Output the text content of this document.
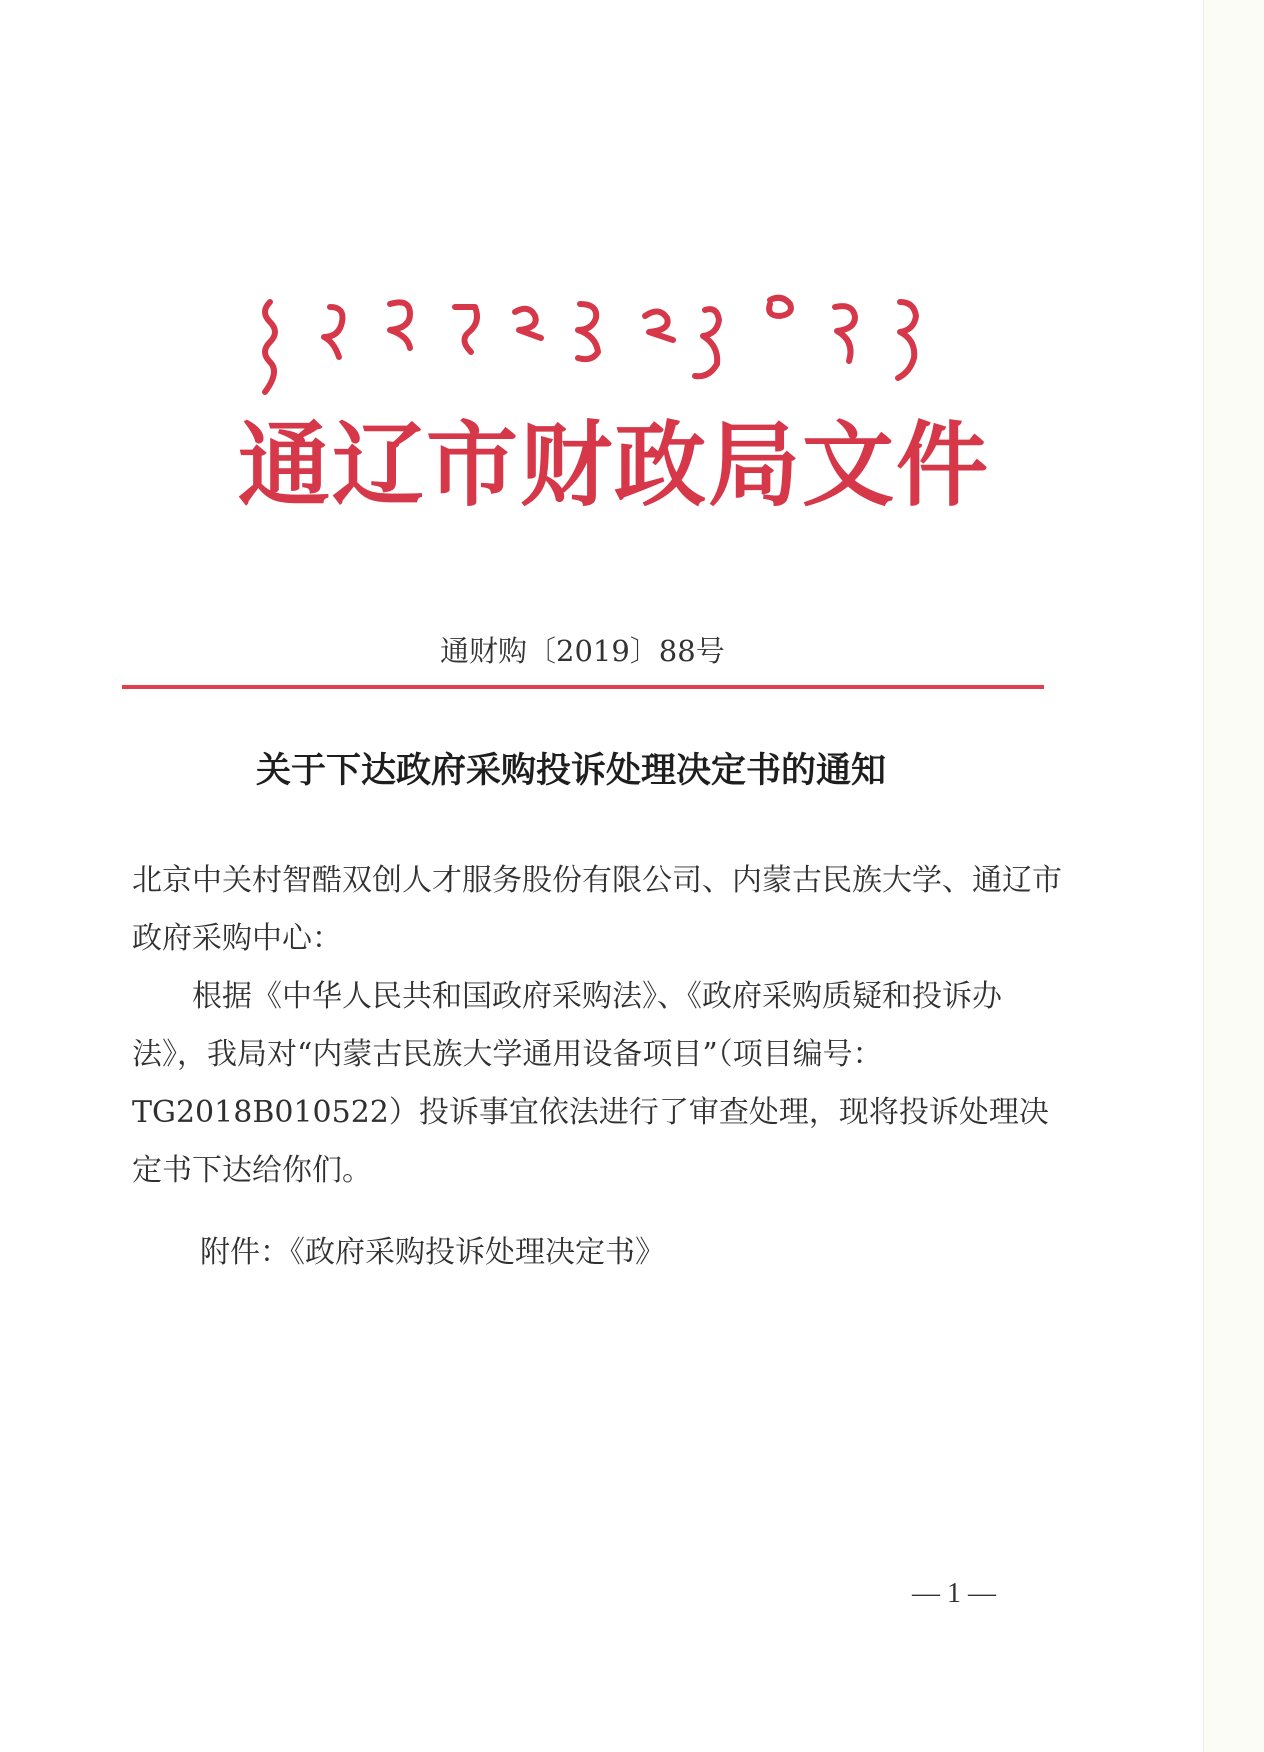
通辽市财政局文件
通财购〔2019〕88号
关于下达政府采购投诉处理决定书的通知
北京中关村智酷双创人才服务股份有限公司、内蒙古民族大学、通辽市政府采购中心：
根据《中华人民共和国政府采购法》、《政府采购质疑和投诉办法》，我局对“内蒙古民族大学通用设备项目”（项目编号：TG2018B010522）投诉事宜依法进行了审查处理，现将投诉处理决定书下达给你们。
附件：《政府采购投诉处理决定书》
— 1 —
